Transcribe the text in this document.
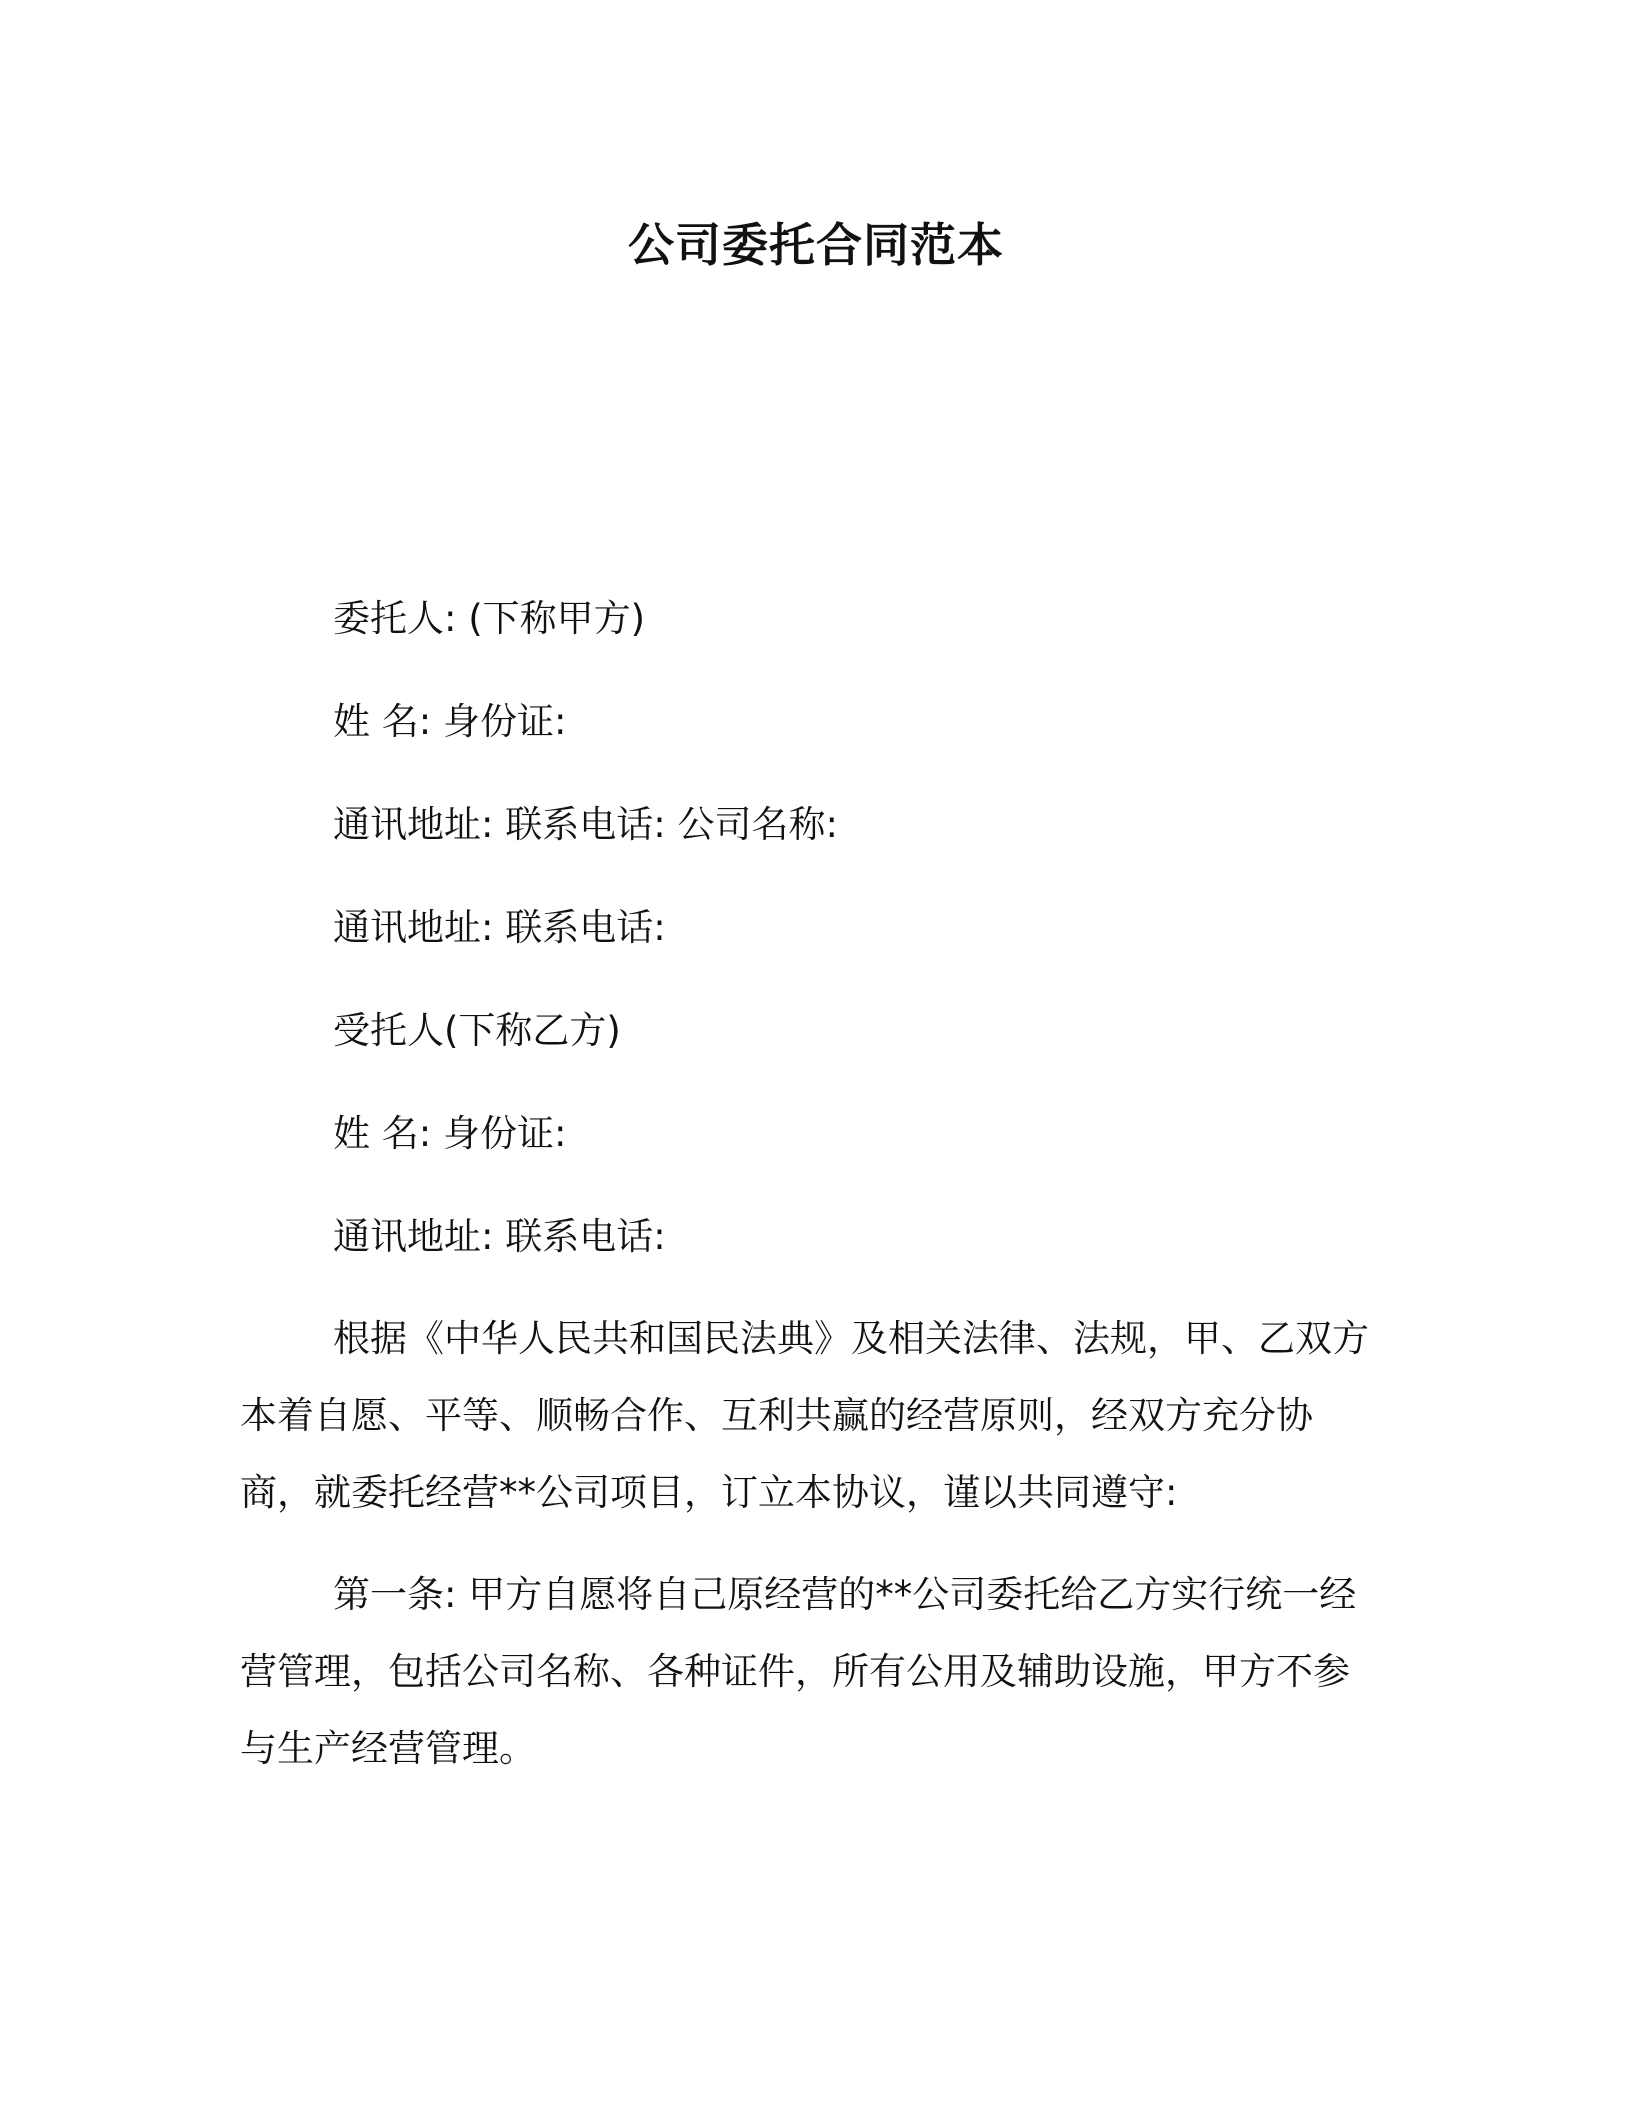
公司委托合同范本
委托人: (下称甲方)
姓 名: 身份证:
通讯地址: 联系电话: 公司名称:
通讯地址: 联系电话:
受托人(下称乙方)
姓 名: 身份证:
通讯地址: 联系电话:

根据《中华人民共和国民法典》及相关法律、法规，甲、乙双方本着自愿、平等、顺畅合作、互利共赢的经营原则，经双方充分协商，就委托经营**公司项目，订立本协议，谨以共同遵守:

第一条: 甲方自愿将自己原经营的**公司委托给乙方实行统一经营管理，包括公司名称、各种证件，所有公用及辅助设施，甲方不参与生产经营管理。
